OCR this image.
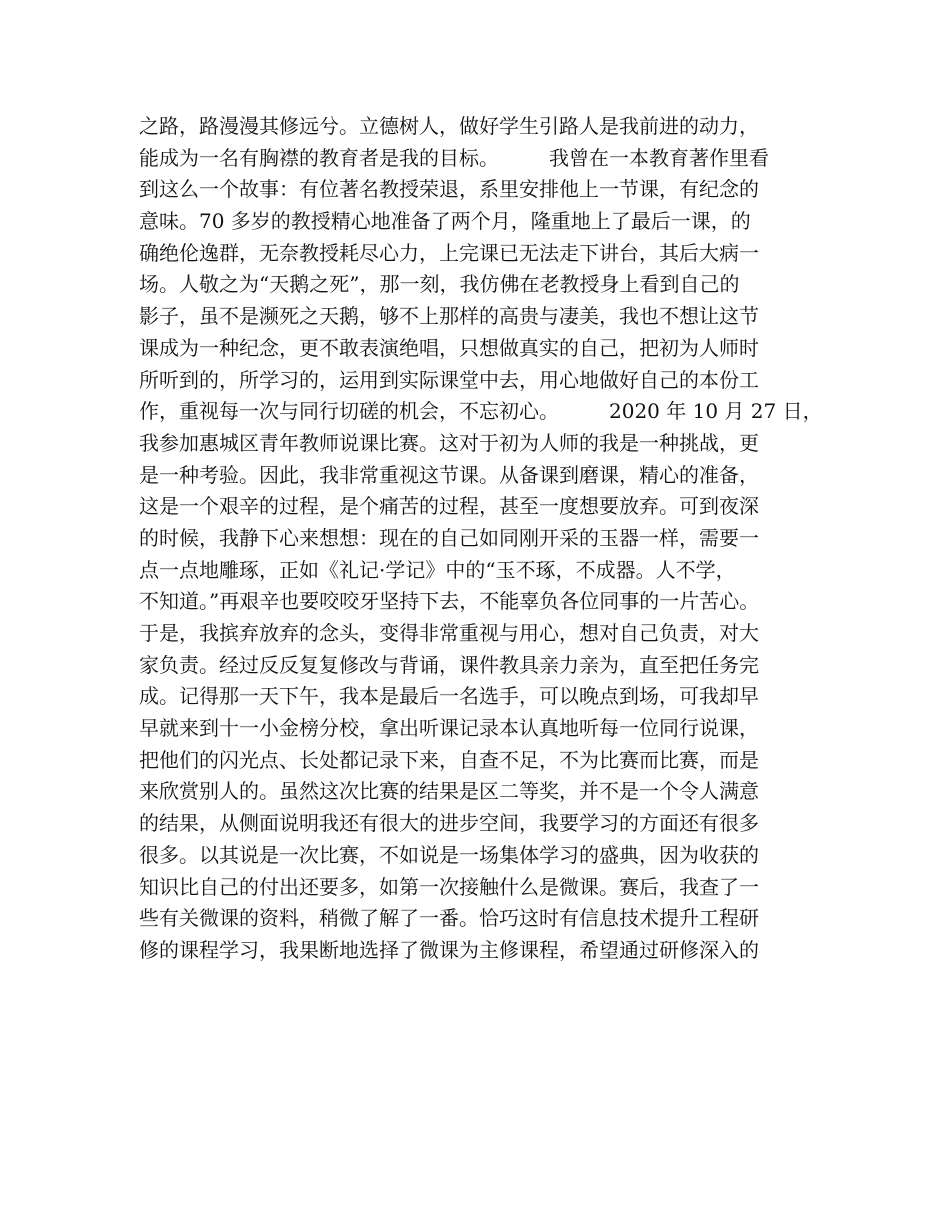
之路，路漫漫其修远兮。立德树人，做好学生引路人是我前进的动力，
能成为一名有胸襟的教育者是我的目标。　　　我曾在一本教育著作里看
到这么一个故事：有位著名教授荣退，系里安排他上一节课，有纪念的
意味。70 多岁的教授精心地准备了两个月，隆重地上了最后一课，的
确绝伦逸群，无奈教授耗尽心力，上完课已无法走下讲台，其后大病一
场。人敬之为“天鹅之死”，那一刻，我仿佛在老教授身上看到自己的
影子，虽不是濒死之天鹅，够不上那样的高贵与凄美，我也不想让这节
课成为一种纪念，更不敢表演绝唱，只想做真实的自己，把初为人师时
所听到的，所学习的，运用到实际课堂中去，用心地做好自己的本份工
作，重视每一次与同行切磋的机会，不忘初心。　　　2020 年 10 月 27 日，
我参加惠城区青年教师说课比赛。这对于初为人师的我是一种挑战，更
是一种考验。因此，我非常重视这节课。从备课到磨课，精心的准备，
这是一个艰辛的过程，是个痛苦的过程，甚至一度想要放弃。可到夜深
的时候，我静下心来想想：现在的自己如同刚开采的玉器一样，需要一
点一点地雕琢，正如《礼记·学记》中的“玉不琢，不成器。人不学，
不知道。”再艰辛也要咬咬牙坚持下去，不能辜负各位同事的一片苦心。
于是，我摈弃放弃的念头，变得非常重视与用心，想对自己负责，对大
家负责。经过反反复复修改与背诵，课件教具亲力亲为，直至把任务完
成。记得那一天下午，我本是最后一名选手，可以晚点到场，可我却早
早就来到十一小金榜分校，拿出听课记录本认真地听每一位同行说课，
把他们的闪光点、长处都记录下来，自查不足，不为比赛而比赛，而是
来欣赏别人的。虽然这次比赛的结果是区二等奖，并不是一个令人满意
的结果，从侧面说明我还有很大的进步空间，我要学习的方面还有很多
很多。以其说是一次比赛，不如说是一场集体学习的盛典，因为收获的
知识比自己的付出还要多，如第一次接触什么是微课。赛后，我查了一
些有关微课的资料，稍微了解了一番。恰巧这时有信息技术提升工程研
修的课程学习，我果断地选择了微课为主修课程，希望通过研修深入的
